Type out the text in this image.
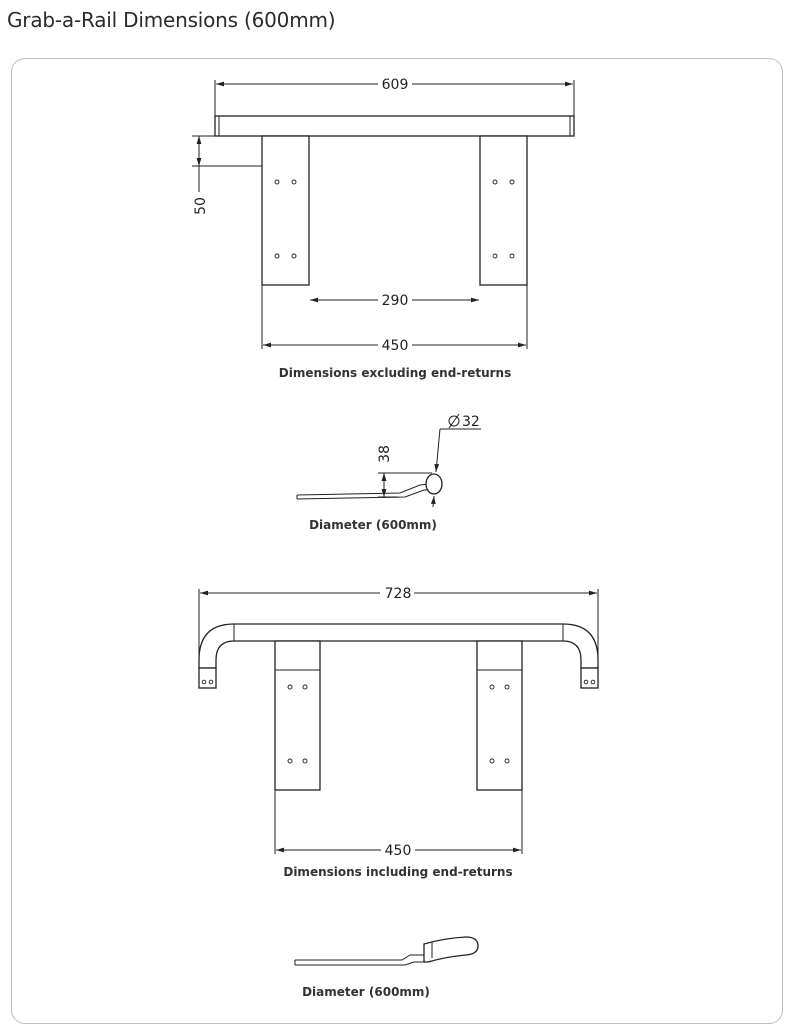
Grab-a-Rail Dimensions (600mm)
609
50
290
450
Dimensions excluding end-returns
38
32
Diameter (600mm)
728
450
Dimensions including end-returns
Diameter (600mm)
